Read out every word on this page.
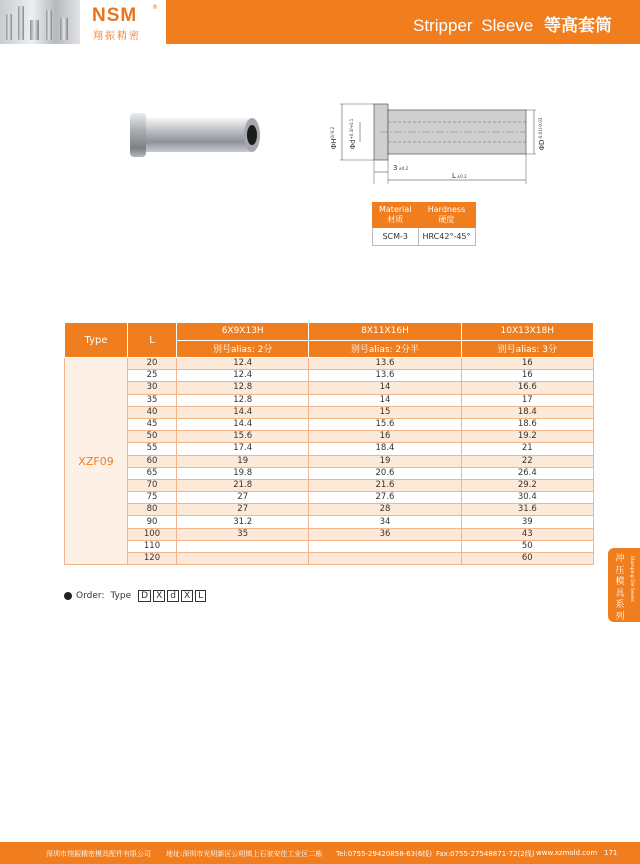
NSM ®
翔振精密
Stripper Sleeve 等高套筒
$\Phi H^{0/-0.2}$
$\Phi d^{+0.3/+0.1}$
$\Phi D^{-0.01/-0.03}$
3±0.2
L±0.2
Material
材质	Hardness
硬度
SCM-3	HRC42°-45°
Type	L	6X9X13H	8X11X16H	10X13X18H
		别号alias: 2分	别号alias: 2分半	别号alias: 3分
XZF09	20	12.4	13.6	16
	25	12.4	13.6	16
	30	12.8	14	16.6
	35	12.8	14	17
	40	14.4	15	18.4
	45	14.4	15.6	18.6
	50	15.6	16	19.2
	55	17.4	18.4	21
	60	19	19	22
	65	19.8	20.6	26.4
	70	21.8	21.6	29.2
	75	27	27.6	30.4
	80	27	28	31.6
	90	31.2	34	39
	100	35	36	43
	110			50
	120			60
Order: Type	D X d X L
冲压模具系列
Stamping Die Series
深圳市翔振精密模具配件有限公司 地址:深圳市光明新区公明镇上石家安佳工业区二栋 Tel:0755-29420858-63(6线) Fax:0755-27548871-72(2线) www.xzmold.com 171
